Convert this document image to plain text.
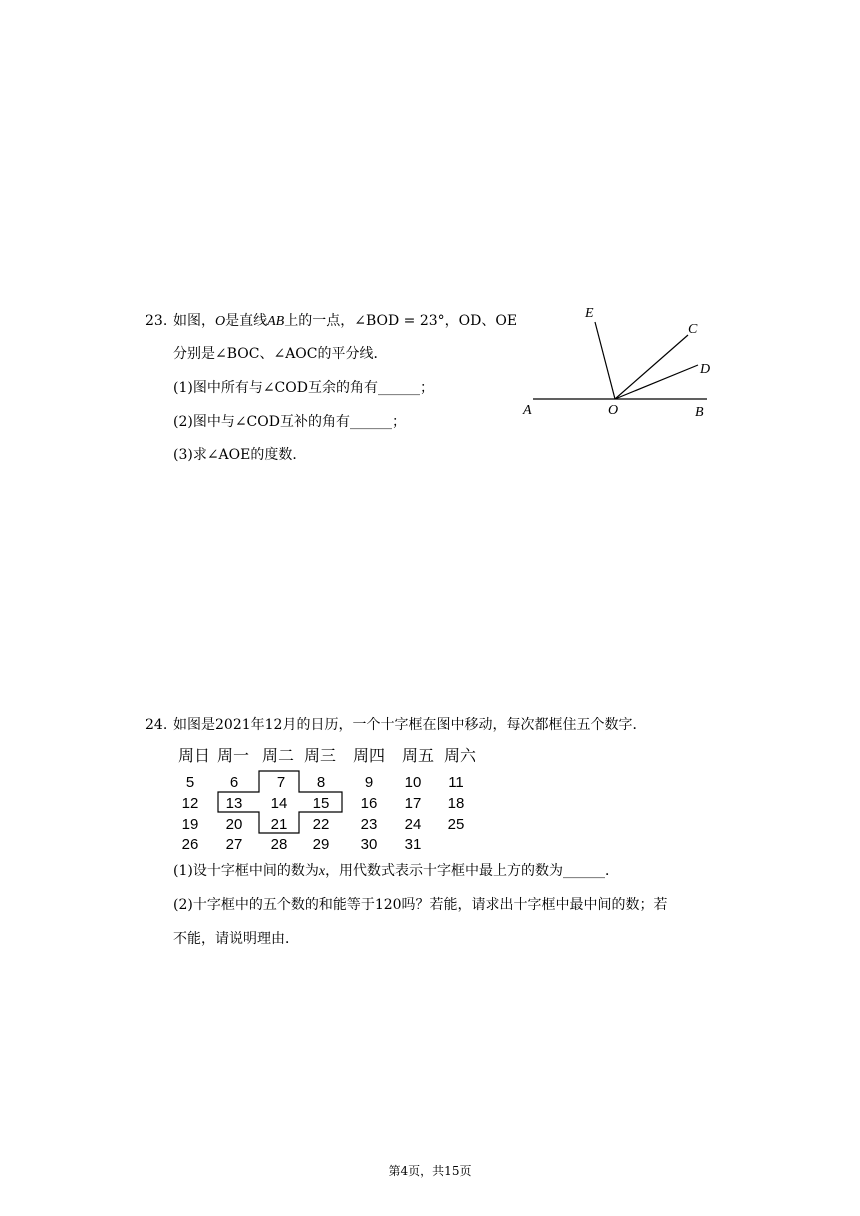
23. 如图，O是直线AB上的一点，∠BOD = 23°，OD、OE
分别是∠BOC、∠AOC的平分线．
(1)图中所有与∠COD互余的角有______；
(2)图中与∠COD互补的角有______；
(3)求∠AOE的度数．
E
C
D
A	O	B
24. 如图是2021年12月的日历，一个十字框在图中移动，每次都框住五个数字．
周日 周一 周二 周三 周四 周五 周六
5	6	7	8	9	10	11
12	13	14	15	16	17	18
19	20	21	22	23	24	25
26	27	28	29	30	31
(1)设十字框中间的数为x，用代数式表示十字框中最上方的数为______．
(2)十字框中的五个数的和能等于120吗？若能，请求出十字框中最中间的数；若
不能，请说明理由．
第4页，共15页
